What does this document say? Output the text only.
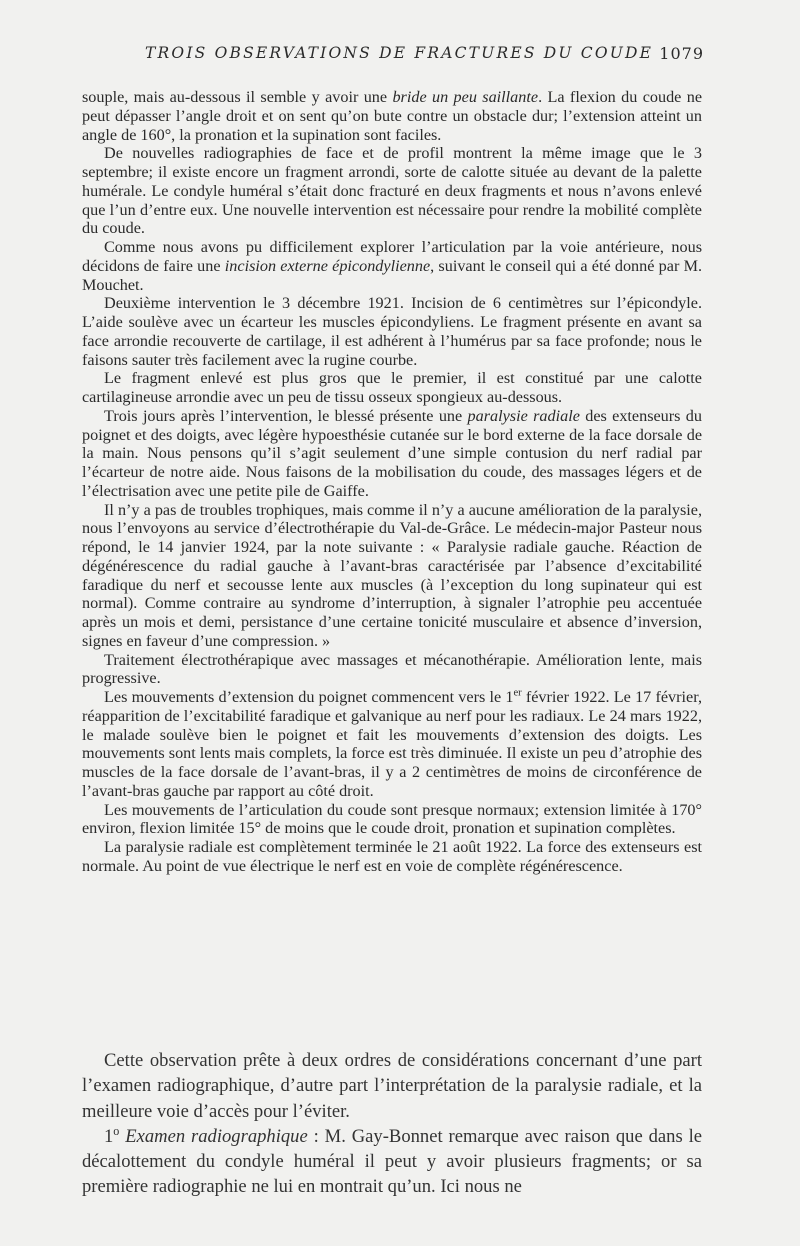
TROIS OBSERVATIONS DE FRACTURES DU COUDE 1079

souple, mais au-dessous il semble y avoir une bride un peu saillante. La flexion du coude ne peut dépasser l’angle droit et on sent qu’on bute contre un obstacle dur; l’extension atteint un angle de 160°, la pronation et la supination sont faciles.

De nouvelles radiographies de face et de profil montrent la même image que le 3 septembre; il existe encore un fragment arrondi, sorte de calotte située au devant de la palette humérale. Le condyle huméral s’était donc fracturé en deux fragments et nous n’avons enlevé que l’un d’entre eux. Une nouvelle intervention est nécessaire pour rendre la mobilité complète du coude.

Comme nous avons pu difficilement explorer l’articulation par la voie antérieure, nous décidons de faire une incision externe épicondylienne, suivant le conseil qui a été donné par M. Mouchet.

Deuxième intervention le 3 décembre 1921. Incision de 6 centimètres sur l’épicondyle. L’aide soulève avec un écarteur les muscles épicondyliens. Le fragment présente en avant sa face arrondie recouverte de cartilage, il est adhérent à l’humérus par sa face profonde; nous le faisons sauter très facilement avec la rugine courbe.

Le fragment enlevé est plus gros que le premier, il est constitué par une calotte cartilagineuse arrondie avec un peu de tissu osseux spongieux au-dessous.

Trois jours après l’intervention, le blessé présente une paralysie radiale des extenseurs du poignet et des doigts, avec légère hypoesthésie cutanée sur le bord externe de la face dorsale de la main. Nous pensons qu’il s’agit seulement d’une simple contusion du nerf radial par l’écarteur de notre aide. Nous faisons de la mobilisation du coude, des massages légers et de l’électrisation avec une petite pile de Gaiffe.

Il n’y a pas de troubles trophiques, mais comme il n’y a aucune amélioration de la paralysie, nous l’envoyons au service d’électrothérapie du Val-de-Grâce. Le médecin-major Pasteur nous répond, le 14 janvier 1924, par la note suivante : « Paralysie radiale gauche. Réaction de dégénérescence du radial gauche à l’avant-bras caractérisée par l’absence d’excitabilité faradique du nerf et secousse lente aux muscles (à l’exception du long supinateur qui est normal). Comme contraire au syndrome d’interruption, à signaler l’atrophie peu accentuée après un mois et demi, persistance d’une certaine tonicité musculaire et absence d’inversion, signes en faveur d’une compression. »

Traitement électrothérapique avec massages et mécanothérapie. Amélioration lente, mais progressive.

Les mouvements d’extension du poignet commencent vers le 1er février 1922. Le 17 février, réapparition de l’excitabilité faradique et galvanique au nerf pour les radiaux. Le 24 mars 1922, le malade soulève bien le poignet et fait les mouvements d’extension des doigts. Les mouvements sont lents mais complets, la force est très diminuée. Il existe un peu d’atrophie des muscles de la face dorsale de l’avant-bras, il y a 2 centimètres de moins de circonférence de l’avant-bras gauche par rapport au côté droit.

Les mouvements de l’articulation du coude sont presque normaux; extension limitée à 170° environ, flexion limitée 15° de moins que le coude droit, pronation et supination complètes.

La paralysie radiale est complètement terminée le 21 août 1922. La force des extenseurs est normale. Au point de vue électrique le nerf est en voie de complète régénérescence.

Cette observation prête à deux ordres de considérations concernant d’une part l’examen radiographique, d’autre part l’interprétation de la paralysie radiale, et la meilleure voie d’accès pour l’éviter.

1$^o$ Examen radiographique : M. Gay-Bonnet remarque avec raison que dans le décalottement du condyle huméral il peut y avoir plusieurs fragments; or sa première radiographie ne lui en montrait qu’un. Ici nous ne
